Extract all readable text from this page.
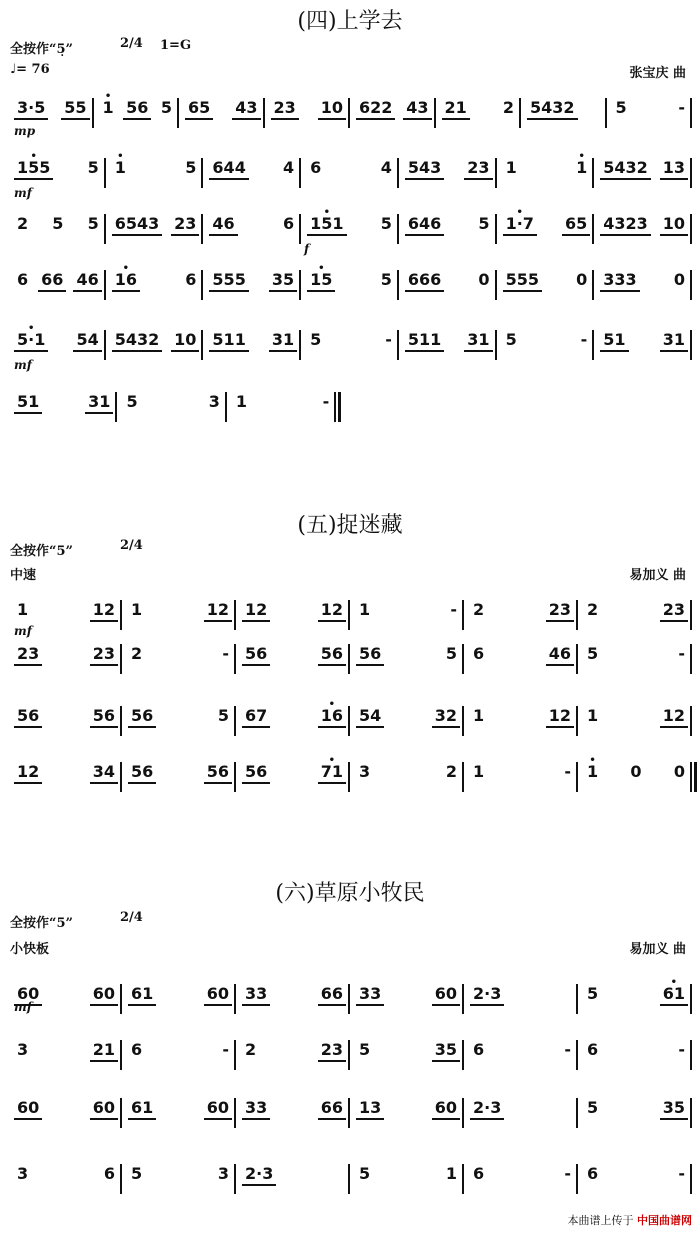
(四)上学去
全按作“5̣”	2/4 1=G
♩= 76	张宝庆 曲
3·5 55 • 1 56 5 65 43 23 10 622 43 21 2 5432	5	-
• 155 5 • 1	5 644 4 6	4 543 23 1	• 1 5432 13
2 5 5 6543 23 46	6 • 151 5 646 5 • 1·7 65 4323 10
6 66 46 • 16	6 555 35 • 15	5 666 0 555 0 333 0
• 5·1 54 5432 10 511 31 5	- 511 31 5	- 51 31
51	31 5	3 1	-
mp
mf
f
mf
(五)捉迷藏
全按作“5”	2/4
中速	易加义 曲
1	12 1	12 12	12 1	- 2	23 2	23
23	23 2	- 56	56 56	5 6	46 5	-
56	56 56	5 67	• 16 54	32 1	12 1	12
12	34 56	56 56	• 71 3	2 1	- • 1 0 0
mf
(六)草原小牧民
全按作“5”	2/4
小快板	易加义 曲
60	60 61	60 33	66 33	60 2·3	5	• 61
3	21 6	- 2	23 5	35 6	- 6	-
60	60 61	60 33	66 13	60 2·3	5	35
3	6 5	3 2·3	5	1 6	- 6	-
mf
本曲谱上传于 中国曲谱网
